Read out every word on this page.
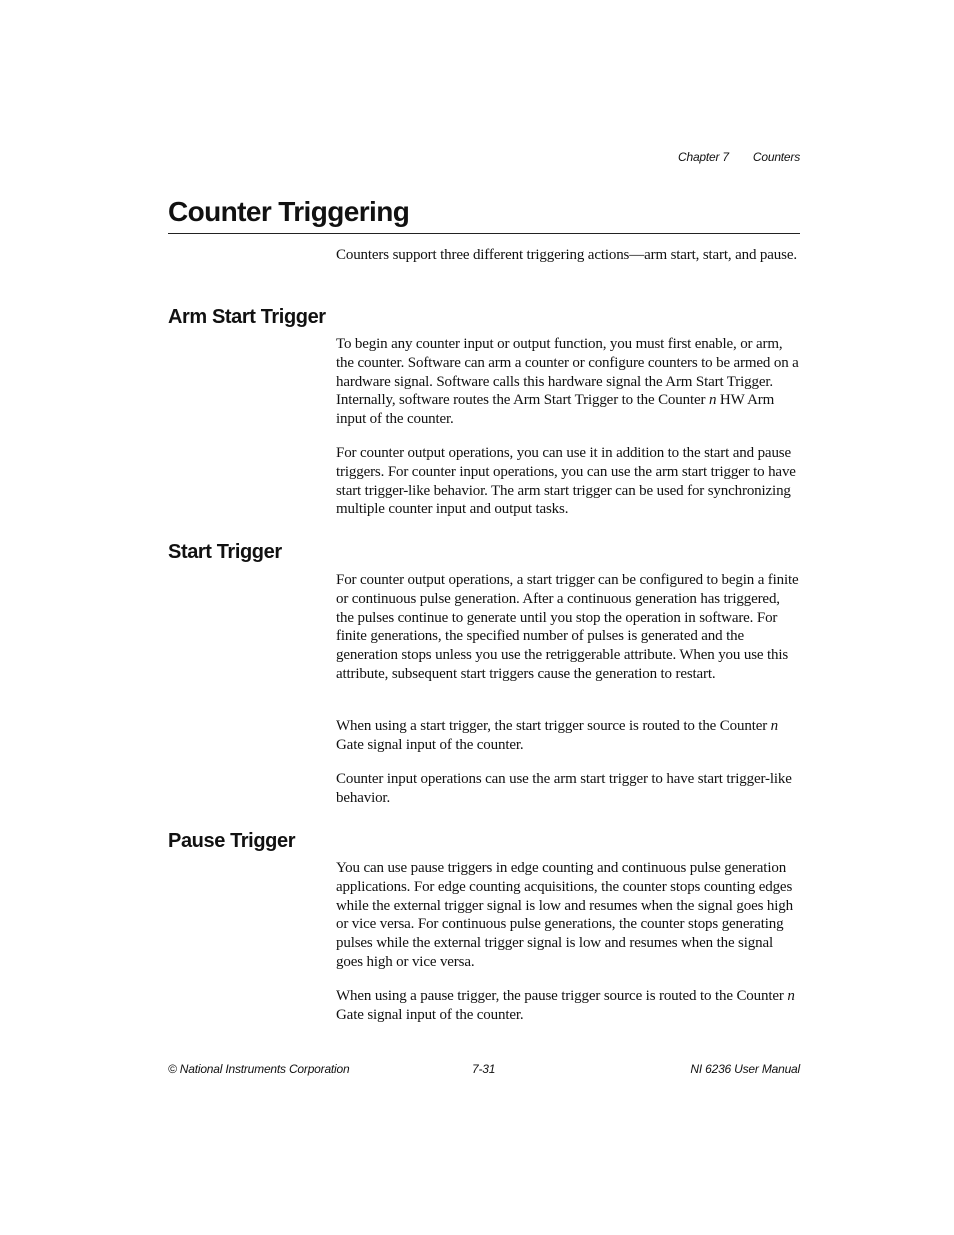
Chapter 7 Counters
Counter Triggering

Counters support three different triggering actions—arm start, start, and pause.

Arm Start Trigger

To begin any counter input or output function, you must first enable, or arm, the counter. Software can arm a counter or configure counters to be armed on a hardware signal. Software calls this hardware signal the Arm Start Trigger. Internally, software routes the Arm Start Trigger to the Counter n HW Arm input of the counter.

For counter output operations, you can use it in addition to the start and pause triggers. For counter input operations, you can use the arm start trigger to have start trigger-like behavior. The arm start trigger can be used for synchronizing multiple counter input and output tasks.

Start Trigger

For counter output operations, a start trigger can be configured to begin a finite or continuous pulse generation. After a continuous generation has triggered, the pulses continue to generate until you stop the operation in software. For finite generations, the specified number of pulses is generated and the generation stops unless you use the retriggerable attribute. When you use this attribute, subsequent start triggers cause the generation to restart.

When using a start trigger, the start trigger source is routed to the Counter n Gate signal input of the counter.

Counter input operations can use the arm start trigger to have start trigger-like behavior.

Pause Trigger

You can use pause triggers in edge counting and continuous pulse generation applications. For edge counting acquisitions, the counter stops counting edges while the external trigger signal is low and resumes when the signal goes high or vice versa. For continuous pulse generations, the counter stops generating pulses while the external trigger signal is low and resumes when the signal goes high or vice versa.

When using a pause trigger, the pause trigger source is routed to the Counter n Gate signal input of the counter.

© National Instruments Corporation	7-31	NI 6236 User Manual
